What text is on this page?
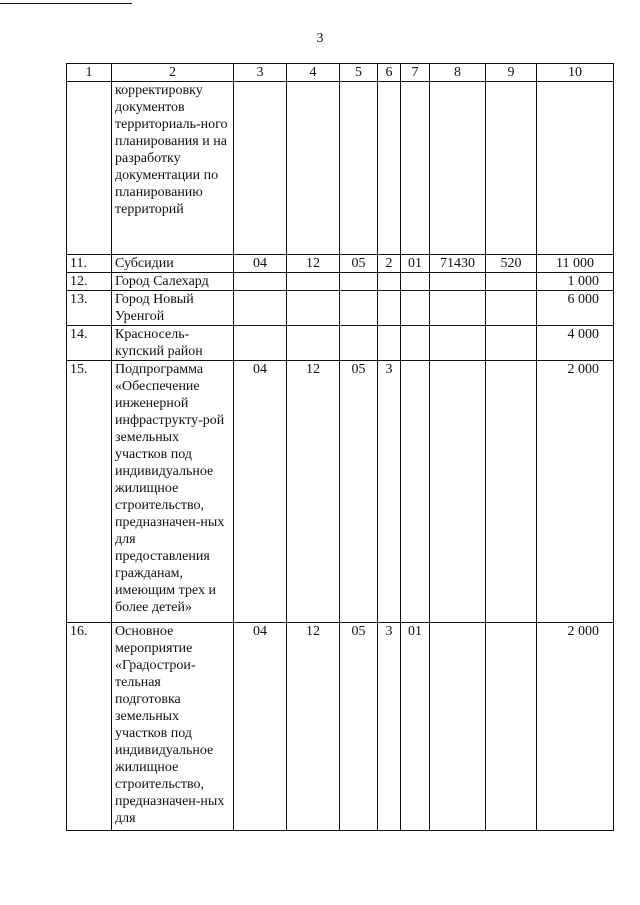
3
1	2	3	4	5	6	7	8	9	10
	корректировку документов территориаль-ного планирования и на разработку документации по планированию территорий								
11.	Субсидии	04	12	05	2	01	71430	520	11 000
12.	Город Салехард								1 000
13.	Город Новый Уренгой								6 000
14.	Красносель-купский район								4 000
15.	Подпрограмма «Обеспечение инженерной инфраструкту-рой земельных участков под индивидуальное жилищное строительство, предназначен-ных для предоставления гражданам, имеющим трех и более детей»	04	12	05	3				2 000
16.	Основное мероприятие «Градострои-тельная подготовка земельных участков под индивидуальное жилищное строительство, предназначен-ных для	04	12	05	3	01			2 000
